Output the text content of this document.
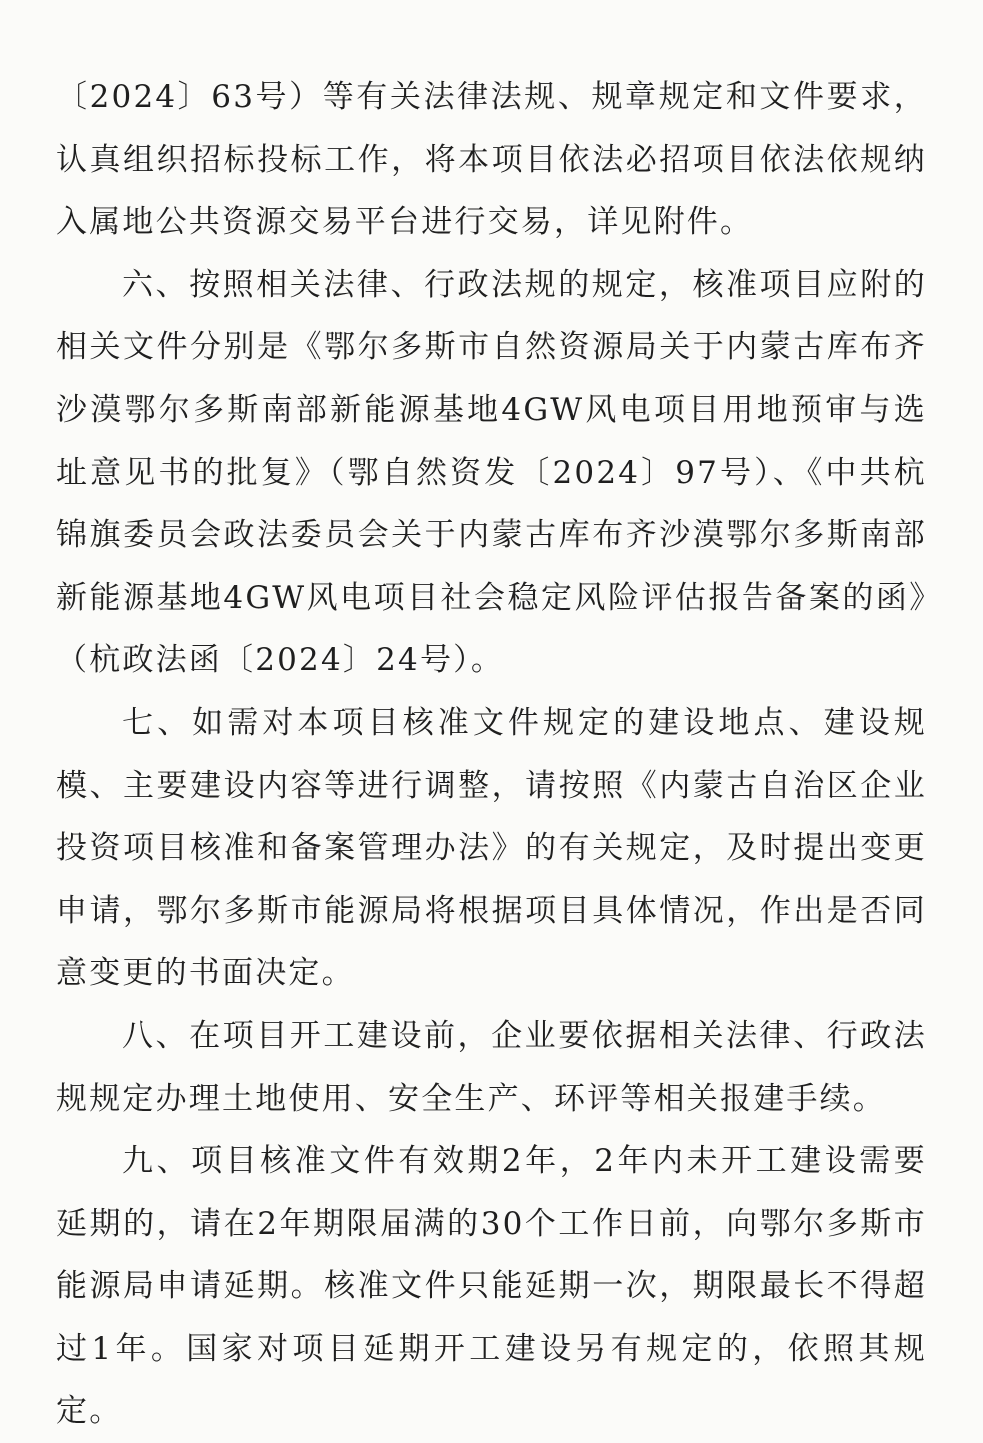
〔2024〕63号）等有关法律法规、规章规定和文件要求，认真组织招标投标工作，将本项目依法必招项目依法依规纳入属地公共资源交易平台进行交易，详见附件。

六、按照相关法律、行政法规的规定，核准项目应附的相关文件分别是《鄂尔多斯市自然资源局关于内蒙古库布齐沙漠鄂尔多斯南部新能源基地4GW风电项目用地预审与选址意见书的批复》（鄂自然资发〔2024〕97号）、《中共杭锦旗委员会政法委员会关于内蒙古库布齐沙漠鄂尔多斯南部新能源基地4GW风电项目社会稳定风险评估报告备案的函》（杭政法函〔2024〕24号）。

七、如需对本项目核准文件规定的建设地点、建设规模、主要建设内容等进行调整，请按照《内蒙古自治区企业投资项目核准和备案管理办法》的有关规定，及时提出变更申请，鄂尔多斯市能源局将根据项目具体情况，作出是否同意变更的书面决定。

八、在项目开工建设前，企业要依据相关法律、行政法规规定办理土地使用、安全生产、环评等相关报建手续。

九、项目核准文件有效期2年，2年内未开工建设需要延期的，请在2年期限届满的30个工作日前，向鄂尔多斯市能源局申请延期。核准文件只能延期一次，期限最长不得超过1年。国家对项目延期开工建设另有规定的，依照其规定。
